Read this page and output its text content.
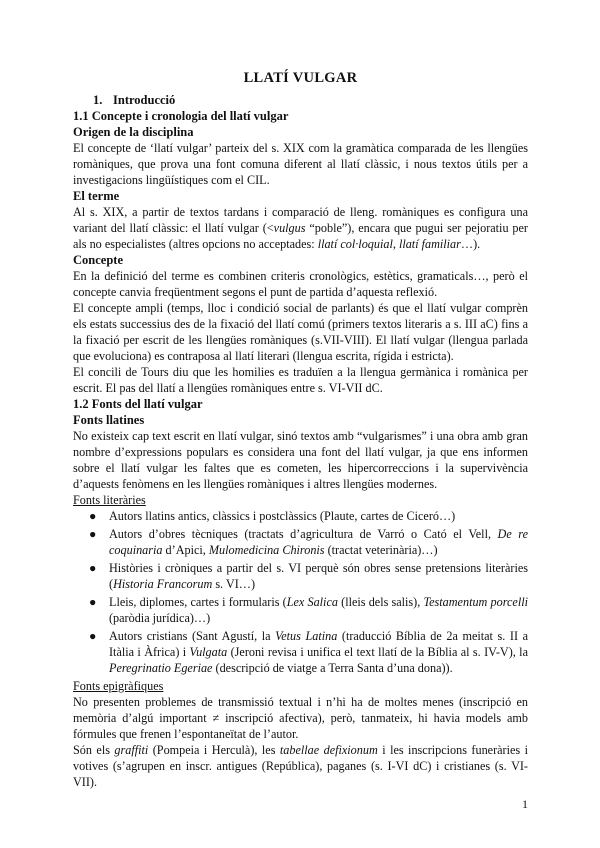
LLATÍ VULGAR
1. Introducció
1.1 Concepte i cronologia del llatí vulgar
Origen de la disciplina

El concepte de ‘llatí vulgar’ parteix del s. XIX com la gramàtica comparada de les llengües romàniques, que prova una font comuna diferent al llatí clàssic, i nous textos útils per a investigacions lingüístiques com el CIL.

El terme

Al s. XIX, a partir de textos tardans i comparació de lleng. romàniques es configura una variant del llatí clàssic: el llatí vulgar (<vulgus “poble”), encara que pugui ser pejoratiu per als no especialistes (altres opcions no acceptades: llatí col·loquial, llatí familiar…).

Concepte

En la definició del terme es combinen criteris cronològics, estètics, gramaticals…, però el concepte canvia freqüentment segons el punt de partida d’aquesta reflexió.

El concepte ampli (temps, lloc i condició social de parlants) és que el llatí vulgar comprèn els estats successius des de la fixació del llatí comú (primers textos literaris a s. III aC) fins a la fixació per escrit de les llengües romàniques (s.VII-VIII). El llatí vulgar (llengua parlada que evoluciona) es contraposa al llatí literari (llengua escrita, rígida i estricta).

El concili de Tours diu que les homilies es traduïen a la llengua germànica i romànica per escrit. El pas del llatí a llengües romàniques entre s. VI-VII dC.

1.2 Fonts del llatí vulgar
Fonts llatines

No existeix cap text escrit en llatí vulgar, sinó textos amb “vulgarismes” i una obra amb gran nombre d’expressions populars es considera una font del llatí vulgar, ja que ens informen sobre el llatí vulgar les faltes que es cometen, les hipercorreccions i la supervivència d’aquests fenòmens en les llengües romàniques i altres llengües modernes.

Fonts literàries
● Autors llatins antics, clàssics i postclàssics (Plaute, cartes de Ciceró…)
● Autors d’obres tècniques (tractats d’agricultura de Varró o Cató el Vell, De re coquinaria d’Apici, Mulomedicina Chironis (tractat veterinària)…)
● Històries i cròniques a partir del s. VI perquè són obres sense pretensions literàries (Historia Francorum s. VI…)
● Lleis, diplomes, cartes i formularis (Lex Salica (lleis dels salis), Testamentum porcelli (paròdia jurídica)…)
● Autors cristians (Sant Agustí, la Vetus Latina (traducció Bíblia de 2a meitat s. II a Itàlia i Àfrica) i Vulgata (Jeroni revisa i unifica el text llatí de la Bíblia al s. IV-V), la Peregrinatio Egeriae (descripció de viatge a Terra Santa d’una dona)).
Fonts epigràfiques

No presenten problemes de transmissió textual i n’hi ha de moltes menes (inscripció en memòria d’algú important ≠ inscripció afectiva), però, tanmateix, hi havia models amb fórmules que frenen l’espontaneïtat de l’autor.

Són els graffiti (Pompeia i Herculà), les tabellae defixionum i les inscripcions funeràries i votives (s’agrupen en inscr. antigues (República), paganes (s. I-VI dC) i cristianes (s. VI-VII).

1
